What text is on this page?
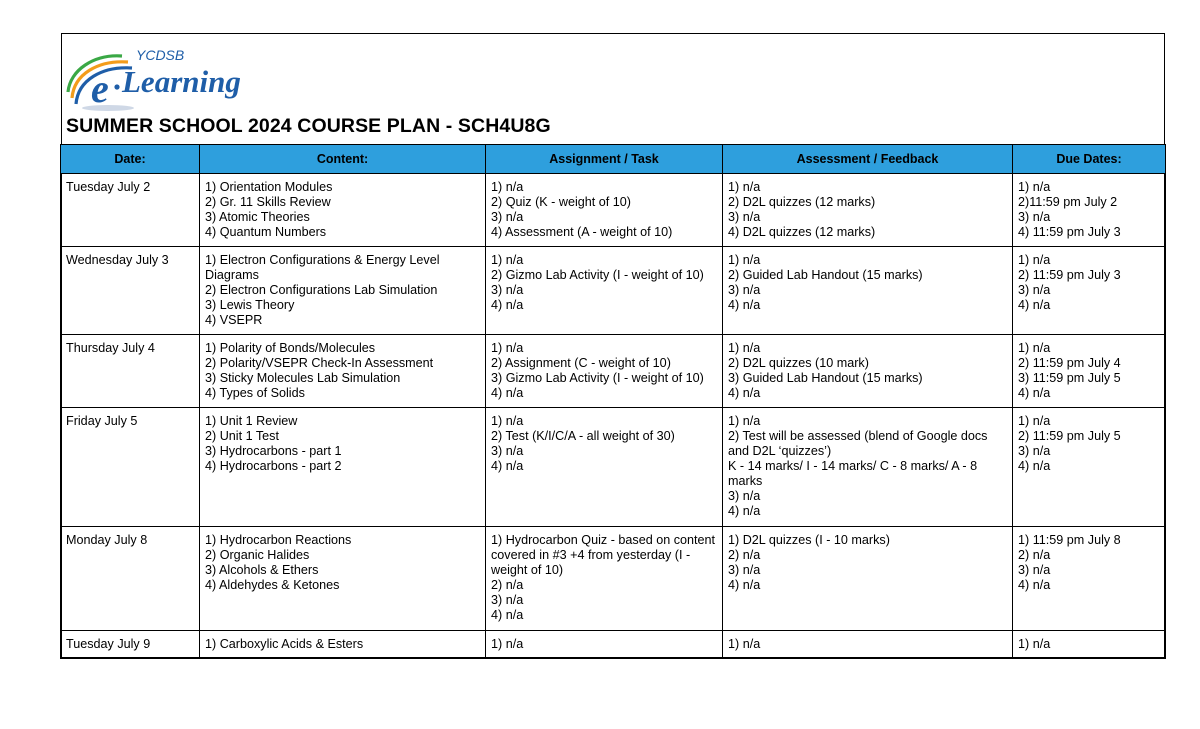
e Learning
YCDSB
SUMMER SCHOOL 2024 COURSE PLAN - SCH4U8G
Date:	Content:	Assignment / Task	Assessment / Feedback	Due Dates:

Tuesday July 2	1) Orientation Modules
2) Gr. 11 Skills Review
3) Atomic Theories
4) Quantum Numbers	1) n/a
2) Quiz (K - weight of 10)
3) n/a
4) Assessment (A - weight of 10)	1) n/a
2) D2L quizzes (12 marks)
3) n/a
4) D2L quizzes (12 marks)	1) n/a
2)11:59 pm July 2
3) n/a
4) 11:59 pm July 3

Wednesday July 3	1) Electron Configurations & Energy Level Diagrams
2) Electron Configurations Lab Simulation
3) Lewis Theory
4) VSEPR	1) n/a
2) Gizmo Lab Activity (I - weight of 10)
3) n/a
4) n/a	1) n/a
2) Guided Lab Handout (15 marks)
3) n/a
4) n/a	1) n/a
2) 11:59 pm July 3
3) n/a
4) n/a

Thursday July 4	1) Polarity of Bonds/Molecules
2) Polarity/VSEPR Check-In Assessment
3) Sticky Molecules Lab Simulation
4) Types of Solids	1) n/a
2) Assignment (C - weight of 10)
3) Gizmo Lab Activity (I - weight of 10)
4) n/a	1) n/a
2) D2L quizzes (10 mark)
3) Guided Lab Handout (15 marks)
4) n/a	1) n/a
2) 11:59 pm July 4
3) 11:59 pm July 5
4) n/a

Friday July 5	1) Unit 1 Review
2) Unit 1 Test
3) Hydrocarbons - part 1
4) Hydrocarbons - part 2	1) n/a
2) Test (K/I/C/A - all weight of 30)
3) n/a
4) n/a	1) n/a
2) Test will be assessed (blend of Google docs and D2L ‘quizzes’)
K - 14 marks/ I - 14 marks/ C - 8 marks/ A - 8 marks
3) n/a
4) n/a	1) n/a
2) 11:59 pm July 5
3) n/a
4) n/a

Monday July 8	1) Hydrocarbon Reactions
2) Organic Halides
3) Alcohols & Ethers
4) Aldehydes & Ketones	1) Hydrocarbon Quiz - based on content covered in #3 +4 from yesterday (I - weight of 10)
2) n/a
3) n/a
4) n/a	1) D2L quizzes (I - 10 marks)
2) n/a
3) n/a
4) n/a	1) 11:59 pm July 8
2) n/a
3) n/a
4) n/a

Tuesday July 9	1) Carboxylic Acids & Esters	1) n/a	1) n/a	1) n/a
